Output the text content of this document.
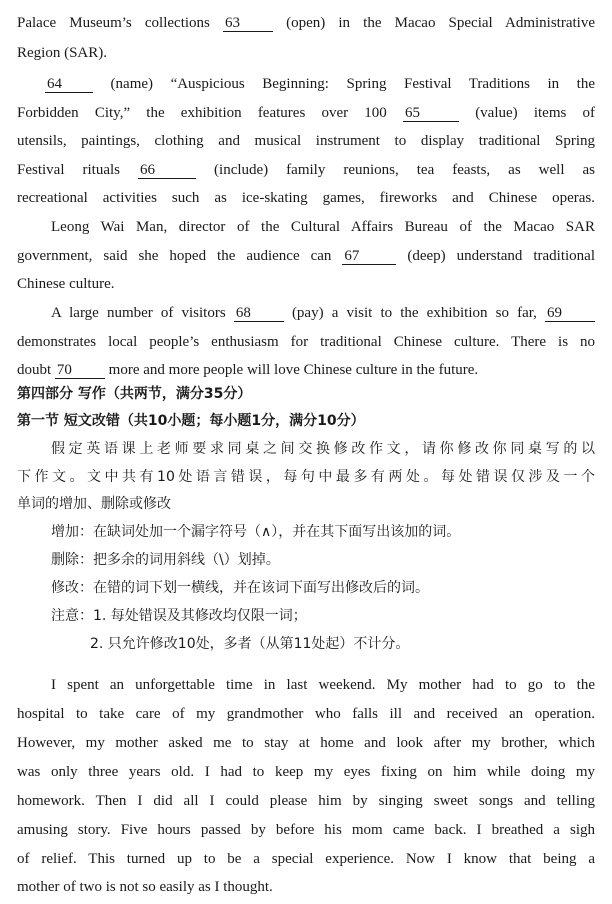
Palace Museum’s collections 63	(open) in the Macao Special Administrative
Region (SAR).
64	(name) “Auspicious Beginning: Spring Festival Traditions in the
Forbidden City,” the exhibition features over 100 65	(value) items of
utensils, paintings, clothing and musical instrument to display traditional Spring
Festival rituals 66	(include) family reunions, tea feasts, as well as
recreational activities such as ice-skating games, fireworks and Chinese operas.
Leong Wai Man, director of the Cultural Affairs Bureau of the Macao SAR
government, said she hoped the audience can 67	(deep) understand traditional
Chinese culture.
A large number of visitors 68	(pay) a visit to the exhibition so far, 69
demonstrates local people’s enthusiasm for traditional Chinese culture. There is no
doubt 70 more and more people will love Chinese culture in the future.
第四部分 写作（共两节，满分35分）
第一节 短文改错（共10小题；每小题1分，满分10分）
假定英语课上老师要求同桌之间交换修改作文，请你修改你同桌写的以
下作文。文中共有10处语言错误，每句中最多有两处。每处错误仅涉及一个
单词的增加、删除或修改
增加：在缺词处加一个漏字符号（∧），并在其下面写出该加的词。
删除：把多余的词用斜线（\）划掉。
修改：在错的词下划一横线，并在该词下面写出修改后的词。
注意：1. 每处错误及其修改均仅限一词；
2. 只允许修改10处，多者（从第11处起）不计分。
I spent an unforgettable time in last weekend. My mother had to go to the
hospital to take care of my grandmother who falls ill and received an operation.
However, my mother asked me to stay at home and look after my brother, which
was only three years old. I had to keep my eyes fixing on him while doing my
homework. Then I did all I could please him by singing sweet songs and telling
amusing story. Five hours passed by before his mom came back. I breathed a sigh
of relief. This turned up to be a special experience. Now I know that being a
mother of two is not so easily as I thought.
